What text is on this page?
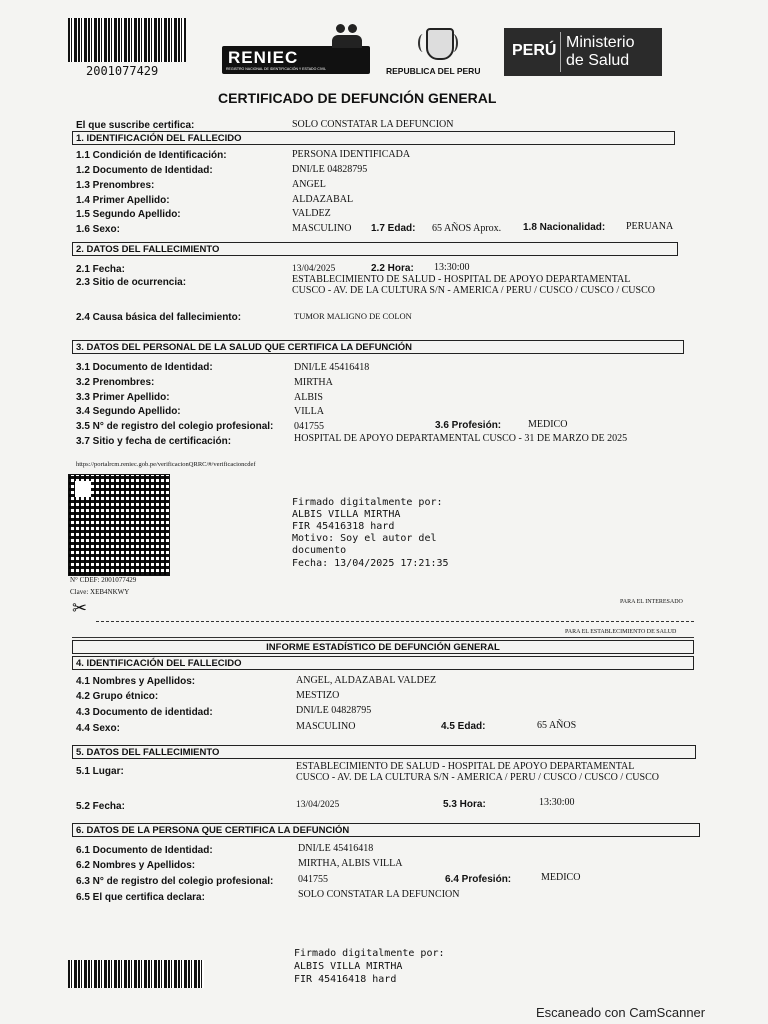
2001077429
RENIEC
REGISTRO NACIONAL DE IDENTIFICACIÓN Y ESTADO CIVIL	REPUBLICA DEL PERU
PERÚ Ministerio
de Salud
CERTIFICADO DE DEFUNCIÓN GENERAL
El que suscribe certifica:	SOLO CONSTATAR LA DEFUNCION
1. IDENTIFICACIÓN DEL FALLECIDO
1.1 Condición de Identificación:	PERSONA IDENTIFICADA
1.2 Documento de Identidad:	DNI/LE 04828795
1.3 Prenombres:	ANGEL
1.4 Primer Apellido:	ALDAZABAL
1.5 Segundo Apellido:	VALDEZ
1.6 Sexo:	MASCULINO 1.7 Edad: 65 AÑOS Aprox. 1.8 Nacionalidad: PERUANA
2. DATOS DEL FALLECIMIENTO
2.1 Fecha:	13/04/2025	2.2 Hora: 13:30:00
2.3 Sitio de ocurrencia:	ESTABLECIMIENTO DE SALUD - HOSPITAL DE APOYO DEPARTAMENTAL
CUSCO - AV. DE LA CULTURA S/N - AMERICA / PERU / CUSCO / CUSCO / CUSCO
2.4 Causa básica del fallecimiento:	TUMOR MALIGNO DE COLON
3. DATOS DEL PERSONAL DE LA SALUD QUE CERTIFICA LA DEFUNCIÓN
3.1 Documento de Identidad:	DNI/LE 45416418
3.2 Prenombres:	MIRTHA
3.3 Primer Apellido:	ALBIS
3.4 Segundo Apellido:	VILLA
3.5 N° de registro del colegio profesional: 041755	3.6 Profesión:	MEDICO
3.7 Sitio y fecha de certificación:	HOSPITAL DE APOYO DEPARTAMENTAL CUSCO - 31 DE MARZO DE 2025
https://portalrcm.reniec.gob.pe/verificacionQRRC/#/verificacioncdef
N° CDEF: 2001077429
Clave: XEB4NKWY
Firmado digitalmente por:
ALBIS VILLA MIRTHA
FIR 45416318 hard
Motivo: Soy el autor del
documento
Fecha: 13/04/2025 17:21:35
✂	PARA EL INTERESADO
PARA EL ESTABLECIMIENTO DE SALUD
INFORME ESTADÍSTICO DE DEFUNCIÓN GENERAL
4. IDENTIFICACIÓN DEL FALLECIDO
4.1 Nombres y Apellidos:	ANGEL, ALDAZABAL VALDEZ
4.2 Grupo étnico:	MESTIZO
4.3 Documento de identidad:	DNI/LE 04828795
4.4 Sexo:	MASCULINO	4.5 Edad:	65 AÑOS
5. DATOS DEL FALLECIMIENTO
5.1 Lugar:	ESTABLECIMIENTO DE SALUD - HOSPITAL DE APOYO DEPARTAMENTAL
CUSCO - AV. DE LA CULTURA S/N - AMERICA / PERU / CUSCO / CUSCO / CUSCO
5.2 Fecha:	13/04/2025	5.3 Hora:	13:30:00
6. DATOS DE LA PERSONA QUE CERTIFICA LA DEFUNCIÓN
6.1 Documento de Identidad:	DNI/LE 45416418
6.2 Nombres y Apellidos:	MIRTHA, ALBIS VILLA
6.3 N° de registro del colegio profesional: 041755	6.4 Profesión:	MEDICO
6.5 El que certifica declara:	SOLO CONSTATAR LA DEFUNCION
Firmado digitalmente por:
ALBIS VILLA MIRTHA
FIR 45416418 hard
Escaneado con CamScanner
